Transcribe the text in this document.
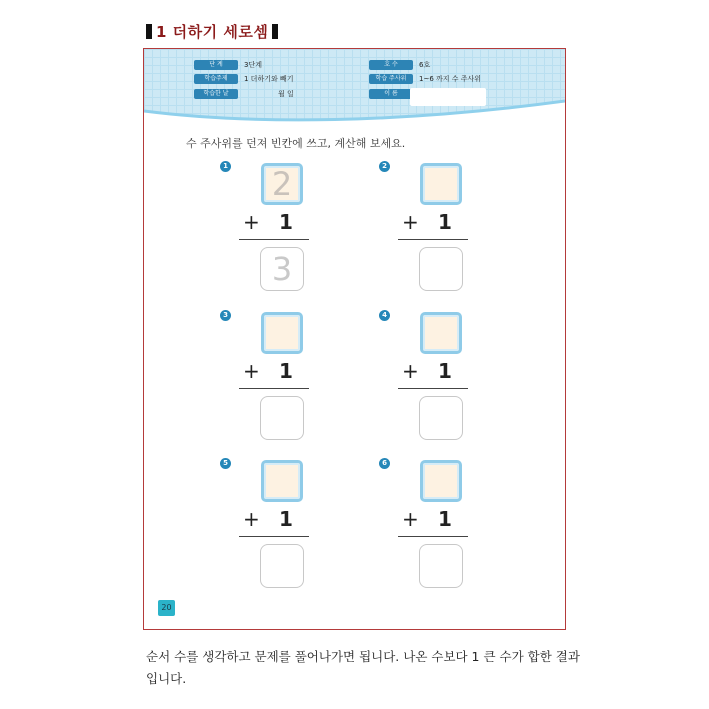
1 더하기 세로셈
단 계	3단계
학습주제	1 더하기와 빼기
학습한 날	월 일
호 수	6호
학습 주사위	1~6 까지 수 주사위
이 름
수 주사위를 던져 빈칸에 쓰고, 계산해 보세요.
1	2
+ 1
3
2
+ 1
3
+ 1
4
+ 1
5
+ 1
6
+ 1
20
순서 수를 생각하고 문제를 풀어나가면 됩니다. 나온 수보다 1 큰 수가 합한 결과입니다.
